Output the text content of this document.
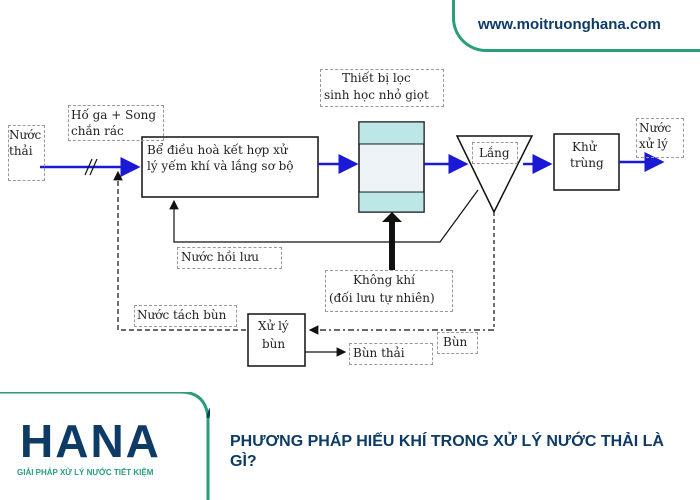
www.moitruonghana.com
Nước
thải
Hố ga + Song
chắn rác
Bể điều hoà kết hợp xử
lý yếm khí và lắng sơ bộ
Thiết bị lọc
sinh học nhỏ giọt
Lắng	Khử
trùng
Nước
xử lý
Nước hồi lưu
Không khí
(đối lưu tự nhiên)
Nước tách bùn
Xử lý
bùn
Bùn thải
Bùn
HANA
GIẢI PHÁP XỬ LÝ NƯỚC TIẾT KIỆM
PHƯƠNG PHÁP HIẾU KHÍ TRONG XỬ LÝ NƯỚC THẢI LÀ GÌ?
